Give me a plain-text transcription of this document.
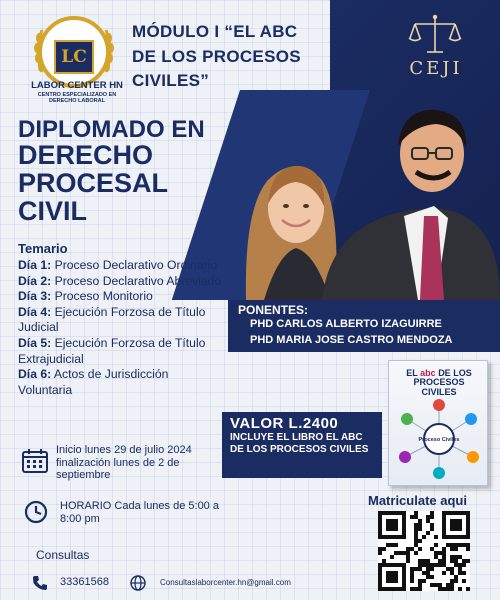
LC
LABOR CENTER HN
CENTRO ESPECIALIZADO EN DERECHO LABORAL
MÓDULO I “EL ABC
DE LOS PROCESOS
CIVILES”
CEJI
DIPLOMADO EN
DERECHO
PROCESAL
CIVIL
PONENTES:
PHD CARLOS ALBERTO IZAGUIRRE
PHD MARIA JOSE CASTRO MENDOZA
Temario
Día 1: Proceso Declarativo Ordinario
Día 2: Proceso Declarativo Abreviado
Día 3: Proceso Monitorio
Día 4: Ejecución Forzosa de Título Judicial
Día 5: Ejecución Forzosa de Título Extrajudicial
Día 6: Actos de Jurisdicción Voluntaria
EL abc DE LOS PROCESOS CIVILES
Proceso Civiles
VALOR L.2400
INCLUYE EL LIBRO EL ABC DE LOS PROCESOS CIVILES
Inicio lunes 29 de julio 2024
finalización lunes de 2 de septiembre
HORARIO Cada lunes de 5:00 a 8:00 pm
Consultas
33361568	Consultaslaborcenter.hn@gmail.com
Matriculate aqui
